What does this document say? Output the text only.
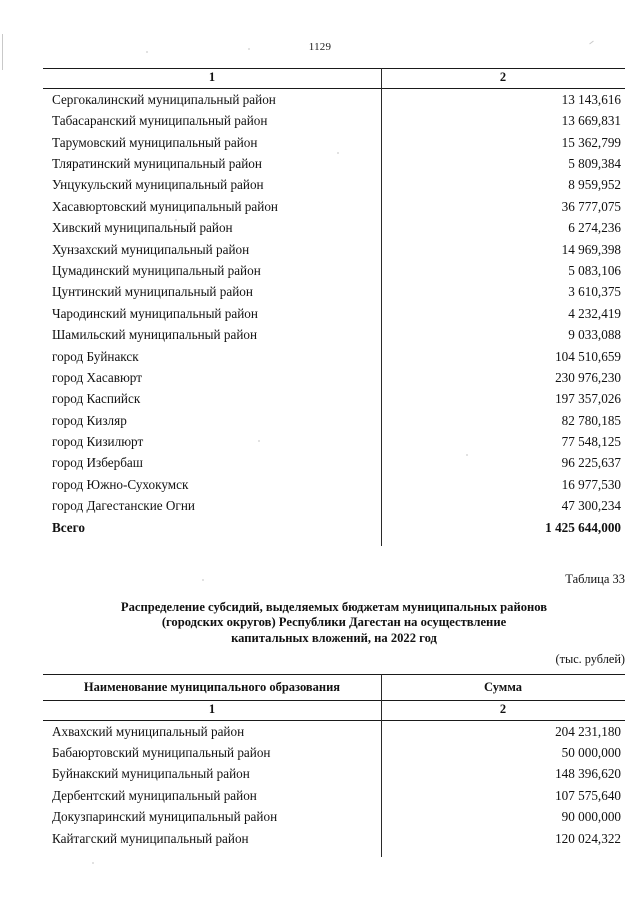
1129

1	2

Сергокалинский муниципальный район	13 143,616
Табасаранский муниципальный район	13 669,831
Тарумовский муниципальный район	15 362,799
Тляратинский муниципальный район	5 809,384
Унцукульский муниципальный район	8 959,952
Хасавюртовский муниципальный район	36 777,075
Хивский муниципальный район	6 274,236
Хунзахский муниципальный район	14 969,398
Цумадинский муниципальный район	5 083,106
Цунтинский муниципальный район	3 610,375
Чародинский муниципальный район	4 232,419
Шамильский муниципальный район	9 033,088
город Буйнакск	104 510,659
город Хасавюрт	230 976,230
город Каспийск	197 357,026
город Кизляр	82 780,185
город Кизилюрт	77 548,125
город Избербаш	96 225,637
город Южно-Сухокумск	16 977,530
город Дагестанские Огни	47 300,234
Всего	1 425 644,000
Таблица 33
Распределение субсидий, выделяемых бюджетам муниципальных районов
(городских округов) Республики Дагестан на осуществление
капитальных вложений, на 2022 год
(тыс. рублей)

Наименование муниципального образования	Сумма

1	2

Ахвахский муниципальный район	204 231,180
Бабаюртовский муниципальный район	50 000,000
Буйнакский муниципальный район	148 396,620
Дербентский муниципальный район	107 575,640
Докузпаринский муниципальный район	90 000,000
Кайтагский муниципальный район	120 024,322
